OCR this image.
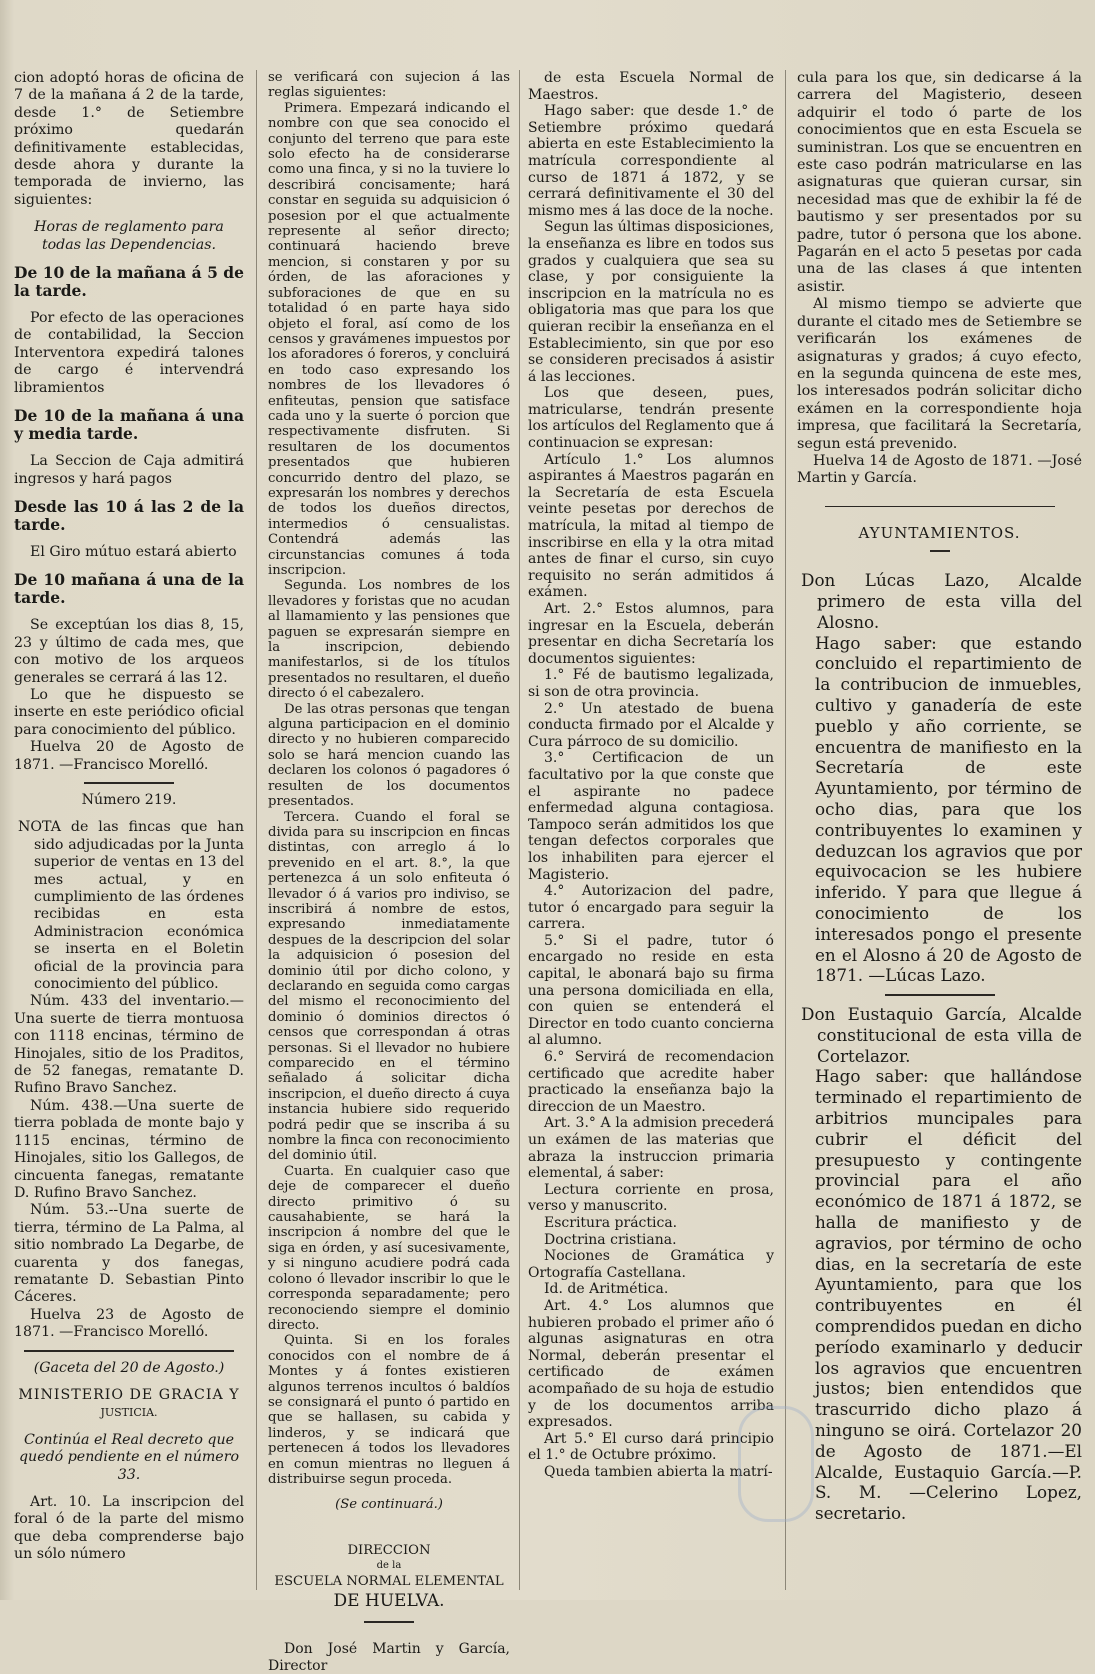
cion adoptó horas de oficina de 7 de la mañana á 2 de la tarde, desde 1.° de Setiembre próximo quedarán definitivamente establecidas, desde ahora y durante la temporada de invierno, las siguientes:

Horas de reglamento para todas las Dependencias.

De 10 de la mañana á 5 de la tarde.

Por efecto de las operaciones de contabilidad, la Seccion Interventora expedirá talones de cargo é intervendrá libramientos

De 10 de la mañana á una y media tarde.

La Seccion de Caja admitirá ingresos y hará pagos

Desde las 10 á las 2 de la tarde.

El Giro mútuo estará abierto

De 10 mañana á una de la tarde.

Se exceptúan los dias 8, 15, 23 y último de cada mes, que con motivo de los arqueos generales se cerrará á las 12.

Lo que he dispuesto se inserte en este periódico oficial para conocimiento del público.

Huelva 20 de Agosto de 1871. —Francisco Morelló.

Número 219.

NOTA de las fincas que han sido adjudicadas por la Junta superior de ventas en 13 del mes actual, y en cumplimiento de las órdenes recibidas en esta Administracion económica se inserta en el Boletin oficial de la provincia para conocimiento del público.

Núm. 433 del inventario.—Una suerte de tierra montuosa con 1118 encinas, término de Hinojales, sitio de los Praditos, de 52 fanegas, rematante D. Rufino Bravo Sanchez.

Núm. 438.—Una suerte de tierra poblada de monte bajo y 1115 encinas, término de Hinojales, sitio los Gallegos, de cincuenta fanegas, rematante D. Rufino Bravo Sanchez.

Núm. 53.--Una suerte de tierra, término de La Palma, al sitio nombrado La Degarbe, de cuarenta y dos fanegas, rematante D. Sebastian Pinto Cáceres.

Huelva 23 de Agosto de 1871. —Francisco Morelló.

(Gaceta del 20 de Agosto.)

MINISTERIO DE GRACIA Y

JUSTICIA.

Continúa el Real decreto que quedó pendiente en el número 33.

Art. 10. La inscripcion del foral ó de la parte del mismo que deba comprenderse bajo un sólo número

se verificará con sujecion á las reglas siguientes:

Primera. Empezará indicando el nombre con que sea conocido el conjunto del terreno que para este solo efecto ha de considerarse como una finca, y si no la tuviere lo describirá concisamente; hará constar en seguida su adquisicion ó posesion por el que actualmente represente al señor directo; continuará haciendo breve mencion, si constaren y por su órden, de las aforaciones y subforaciones de que en su totalidad ó en parte haya sido objeto el foral, así como de los censos y gravámenes impuestos por los aforadores ó foreros, y concluirá en todo caso expresando los nombres de los llevadores ó enfiteutas, pension que satisface cada uno y la suerte ó porcion que respectivamente disfruten. Si resultaren de los documentos presentados que hubieren concurrido dentro del plazo, se expresarán los nombres y derechos de todos los dueños directos, intermedios ó censualistas. Contendrá además las circunstancias comunes á toda inscripcion.

Segunda. Los nombres de los llevadores y foristas que no acudan al llamamiento y las pensiones que paguen se expresarán siempre en la inscripcion, debiendo manifestarlos, si de los títulos presentados no resultaren, el dueño directo ó el cabezalero.

De las otras personas que tengan alguna participacion en el dominio directo y no hubieren comparecido solo se hará mencion cuando las declaren los colonos ó pagadores ó resulten de los documentos presentados.

Tercera. Cuando el foral se divida para su inscripcion en fincas distintas, con arreglo á lo prevenido en el art. 8.°, la que pertenezca á un solo enfiteuta ó llevador ó á varios pro indiviso, se inscribirá á nombre de estos, expresando inmediatamente despues de la descripcion del solar la adquisicion ó posesion del dominio útil por dicho colono, y declarando en seguida como cargas del mismo el reconocimiento del dominio ó dominios directos ó censos que correspondan á otras personas. Si el llevador no hubiere comparecido en el término señalado á solicitar dicha inscripcion, el dueño directo á cuya instancia hubiere sido requerido podrá pedir que se inscriba á su nombre la finca con reconocimiento del dominio útil.

Cuarta. En cualquier caso que deje de comparecer el dueño directo primitivo ó su causahabiente, se hará la inscripcion á nombre del que le siga en órden, y así sucesivamente, y si ninguno acudiere podrá cada colono ó llevador inscribir lo que le corresponda separadamente; pero reconociendo siempre el dominio directo.

Quinta. Si en los forales conocidos con el nombre de á Montes y á fontes existieren algunos terrenos incultos ó baldíos se consignará el punto ó partido en que se hallasen, su cabida y linderos, y se indicará que pertenecen á todos los llevadores en comun mientras no lleguen á distribuirse segun proceda.

(Se continuará.)

DIRECCION

de la

ESCUELA NORMAL ELEMENTAL

DE HUELVA.

Don José Martin y García, Director

de esta Escuela Normal de Maestros.

Hago saber: que desde 1.° de Setiembre próximo quedará abierta en este Establecimiento la matrícula correspondiente al curso de 1871 á 1872, y se cerrará definitivamente el 30 del mismo mes á las doce de la noche.

Segun las últimas disposiciones, la enseñanza es libre en todos sus grados y cualquiera que sea su clase, y por consiguiente la inscripcion en la matrícula no es obligatoria mas que para los que quieran recibir la enseñanza en el Establecimiento, sin que por eso se consideren precisados á asistir á las lecciones.

Los que deseen, pues, matricularse, tendrán presente los artículos del Reglamento que á continuacion se expresan:

Artículo 1.° Los alumnos aspirantes á Maestros pagarán en la Secretaría de esta Escuela veinte pesetas por derechos de matrícula, la mitad al tiempo de inscribirse en ella y la otra mitad antes de finar el curso, sin cuyo requisito no serán admitidos á exámen.

Art. 2.° Estos alumnos, para ingresar en la Escuela, deberán presentar en dicha Secretaría los documentos siguientes:

1.° Fé de bautismo legalizada, si son de otra provincia.

2.° Un atestado de buena conducta firmado por el Alcalde y Cura párroco de su domicilio.

3.° Certificacion de un facultativo por la que conste que el aspirante no padece enfermedad alguna contagiosa. Tampoco serán admitidos los que tengan defectos corporales que los inhabiliten para ejercer el Magisterio.

4.° Autorizacion del padre, tutor ó encargado para seguir la carrera.

5.° Si el padre, tutor ó encargado no reside en esta capital, le abonará bajo su firma una persona domiciliada en ella, con quien se entenderá el Director en todo cuanto concierna al alumno.

6.° Servirá de recomendacion certificado que acredite haber practicado la enseñanza bajo la direccion de un Maestro.

Art. 3.° A la admision precederá un exámen de las materias que abraza la instruccion primaria elemental, á saber:

Lectura corriente en prosa, verso y manuscrito.

Escritura práctica.

Doctrina cristiana.

Nociones de Gramática y Ortografía Castellana.

Id. de Aritmética.

Art. 4.° Los alumnos que hubieren probado el primer año ó algunas asignaturas en otra Normal, deberán presentar el certificado de exámen acompañado de su hoja de estudio y de los documentos arriba expresados.

Art 5.° El curso dará principio el 1.° de Octubre próximo.

Queda tambien abierta la matrí-

cula para los que, sin dedicarse á la carrera del Magisterio, deseen adquirir el todo ó parte de los conocimientos que en esta Escuela se suministran. Los que se encuentren en este caso podrán matricularse en las asignaturas que quieran cursar, sin necesidad mas que de exhibir la fé de bautismo y ser presentados por su padre, tutor ó persona que los abone. Pagarán en el acto 5 pesetas por cada una de las clases á que intenten asistir.

Al mismo tiempo se advierte que durante el citado mes de Setiembre se verificarán los exámenes de asignaturas y grados; á cuyo efecto, en la segunda quincena de este mes, los interesados podrán solicitar dicho exámen en la correspondiente hoja impresa, que facilitará la Secretaría, segun está prevenido.

Huelva 14 de Agosto de 1871. —José Martin y García.

AYUNTAMIENTOS.

Don Lúcas Lazo, Alcalde primero de esta villa del Alosno.

Hago saber: que estando concluido el repartimiento de la contribucion de inmuebles, cultivo y ganadería de este pueblo y año corriente, se encuentra de manifiesto en la Secretaría de este Ayuntamiento, por término de ocho dias, para que los contribuyentes lo examinen y deduzcan los agravios que por equivocacion se les hubiere inferido. Y para que llegue á conocimiento de los interesados pongo el presente en el Alosno á 20 de Agosto de 1871. —Lúcas Lazo.

Don Eustaquio García, Alcalde constitucional de esta villa de Cortelazor.

Hago saber: que hallándose terminado el repartimiento de arbitrios muncipales para cubrir el déficit del presupuesto y contingente provincial para el año económico de 1871 á 1872, se halla de manifiesto y de agravios, por término de ocho dias, en la secretaría de este Ayuntamiento, para que los contribuyentes en él comprendidos puedan en dicho período examinarlo y deducir los agravios que encuentren justos; bien entendidos que trascurrido dicho plazo á ninguno se oirá. Cortelazor 20 de Agosto de 1871.—El Alcalde, Eustaquio García.—P. S. M. —Celerino Lopez, secretario.
